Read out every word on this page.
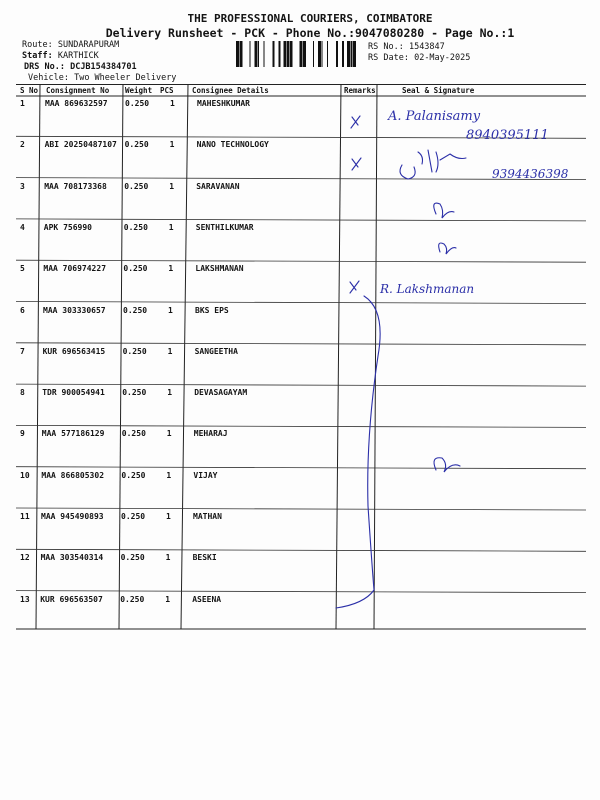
THE PROFESSIONAL COURIERS, COIMBATORE
Delivery Runsheet - PCK - Phone No.:9047080280 - Page No.:1
Route: SUNDARAPURAM
Staff: KARTHICK
DRS No.: DCJB154384701
Vehicle: Two Wheeler Delivery
RS No.: 1543847
RS Date: 02-May-2025
S No Consignment No Weight PCS Consignee Details	Remarks	Seal & Signature
1	MAA 869632597 0.250	1	MAHESHKUMAR
2 ABI 20250487107 0.250	1	NANO TECHNOLOGY
3 MAA 708173368 0.250	1	SARAVANAN
4 APK 756990	0.250	1	SENTHILKUMAR
5 MAA 706974227 0.250	1	LAKSHMANAN
6 MAA 303330657 0.250	1	BKS EPS
7 KUR 696563415 0.250	1	SANGEETHA
8 TDR 900054941 0.250	1	DEVASAGAYAM
9 MAA 577186129 0.250	1	MEHARAJ
10 MAA 866805302 0.250	1	VIJAY
11 MAA 945490893 0.250	1	MATHAN
12 MAA 303540314 0.250	1	BESKI
13 KUR 696563507 0.250	1	ASEENA
A. Palanisamy
8940395111
9394436398
R. Lakshmanan
